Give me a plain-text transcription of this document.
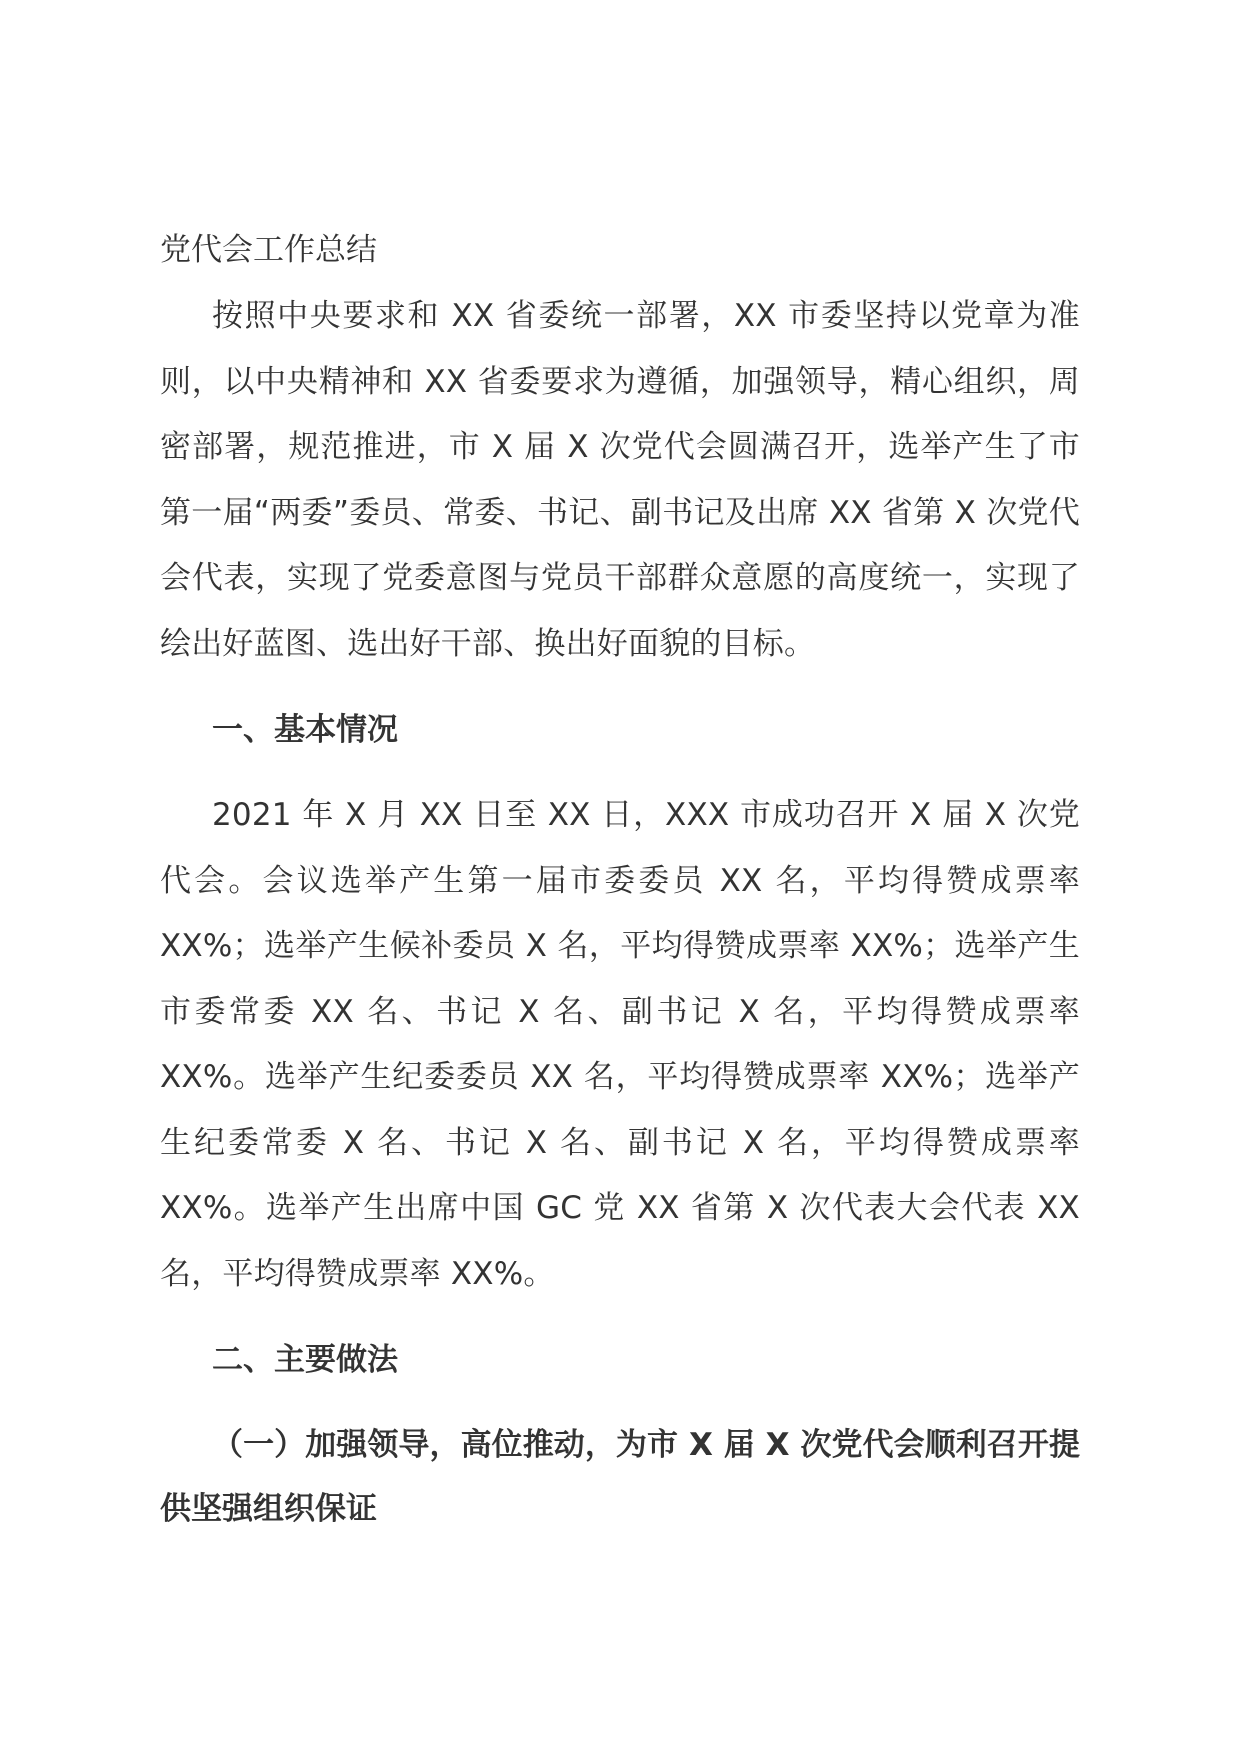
党代会工作总结

按照中央要求和 XX 省委统一部署，XX 市委坚持以党章为准则，以中央精神和 XX 省委要求为遵循，加强领导，精心组织，周密部署，规范推进，市 X 届 X 次党代会圆满召开，选举产生了市第一届“两委”委员、常委、书记、副书记及出席 XX 省第 X 次党代会代表，实现了党委意图与党员干部群众意愿的高度统一，实现了绘出好蓝图、选出好干部、换出好面貌的目标。

一、基本情况

2021 年 X 月 XX 日至 XX 日，XXX 市成功召开 X 届 X 次党代会。会议选举产生第一届市委委员 XX 名，平均得赞成票率 XX%；选举产生候补委员 X 名，平均得赞成票率 XX%；选举产生市委常委 XX 名、书记 X 名、副书记 X 名，平均得赞成票率 XX%。选举产生纪委委员 XX 名，平均得赞成票率 XX%；选举产生纪委常委 X 名、书记 X 名、副书记 X 名，平均得赞成票率 XX%。选举产生出席中国 GC 党 XX 省第 X 次代表大会代表 XX 名，平均得赞成票率 XX%。

二、主要做法
（一）加强领导，高位推动，为市 X 届 X 次党代会顺利召开提供坚强组织保证
